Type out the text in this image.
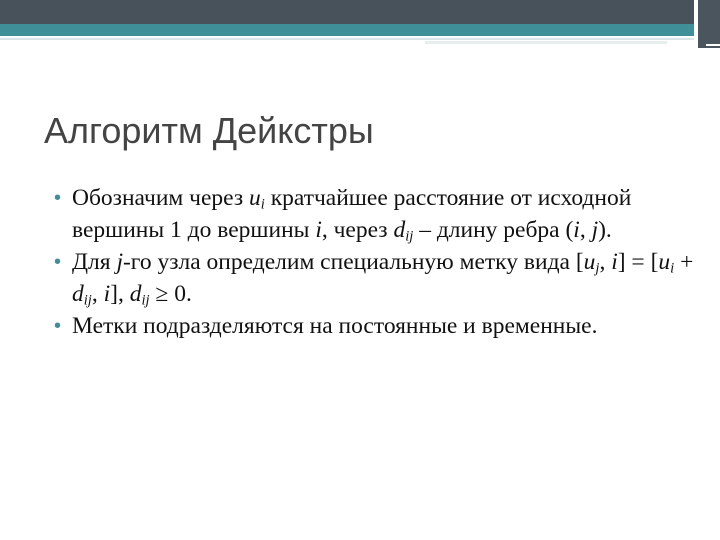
Алгоритм Дейкстры
• Обозначим через $u_i$ кратчайшее расстояние от исходной вершины 1 до вершины i, через $d_{ij}$ – длину ребра (i, j).
• Для j-го узла определим специальную метку вида [$u_j$, $i] = [u_i + d_{ij}$, i], $d_{ij} \ge 0$.
• Метки подразделяются на постоянные и временные.
